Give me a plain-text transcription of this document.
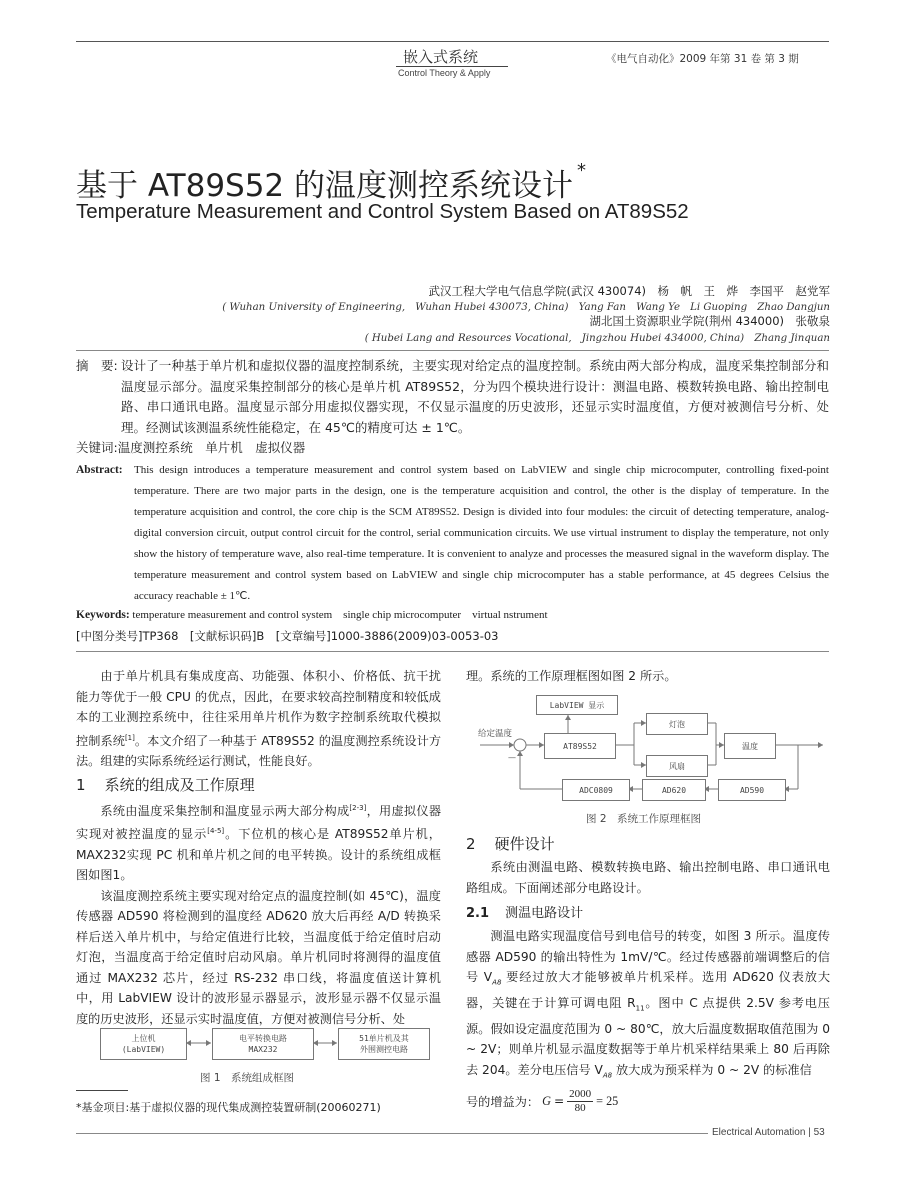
嵌入式系统
Control Theory & Apply
《电气自动化》2009 年第 31 卷 第 3 期
基于 AT89S52 的温度测控系统设计 *
Temperature Measurement and Control System Based on AT89S52
武汉工程大学电气信息学院(武汉 430074)　杨　帆　王　烨　李国平　赵党军
( Wuhan University of Engineering,　Wuhan Hubei 430073, China)　Yang Fan　Wang Ye　Li Guoping　Zhao Dangjun
湖北国土资源职业学院(荆州 434000)　张敬泉
( Hubei Lang and Resources Vocational,　Jingzhou Hubei 434000, China)　Zhang Jinquan
摘　要: 设计了一种基于单片机和虚拟仪器的温度控制系统，主要实现对给定点的温度控制。系统由两大部分构成，温度采集控制部分和温度显示部分。温度采集控制部分的核心是单片机 AT89S52，分为四个模块进行设计：测温电路、模数转换电路、输出控制电路、串口通讯电路。温度显示部分用虚拟仪器实现，不仅显示温度的历史波形，还显示实时温度值，方便对被测信号分析、处理。经测试该测温系统性能稳定，在 45℃的精度可达 ± 1℃。
关键词:温度测控系统　单片机　虚拟仪器
Abstract: This design introduces a temperature measurement and control system based on LabVIEW and single chip microcomputer, controlling fixed-point temperature. There are two major parts in the design, one is the temperature acquisition and control, the other is the display of temperature. In the temperature acquisition and control, the core chip is the SCM AT89S52. Design is divided into four modules: the circuit of detecting temperature, analog-digital conversion circuit, output control circuit for the control, serial communication circuits. We use virtual instrument to display the temperature, not only show the history of temperature wave, also real-time temperature. It is convenient to analyze and processes the measured signal in the waveform display. The temperature measurement and control system based on LabVIEW and single chip microcomputer has a stable performance, at 45 degrees Celsius the accuracy reachable ± 1℃.
Keywords: temperature measurement and control system　single chip microcomputer　virtual nstrument
[中图分类号]TP368　[文献标识码]B　[文章编号]1000-3886(2009)03-0053-03

由于单片机具有集成度高、功能强、体积小、价格低、抗干扰能力等优于一般 CPU 的优点，因此，在要求较高控制精度和较低成本的工业测控系统中，往往采用单片机作为数字控制系统取代模拟控制系统[1]。本文介绍了一种基于 AT89S52 的温度测控系统设计方法。组建的实际系统经运行测试，性能良好。

1 系统的组成及工作原理

系统由温度采集控制和温度显示两大部分构成[2-3]，用虚拟仪器实现对被控温度的显示[4-5]。下位机的核心是 AT89S52单片机，MAX232实现 PC 机和单片机之间的电平转换。设计的系统组成框图如图1。

该温度测控系统主要实现对给定点的温度控制(如 45℃)，温度传感器 AD590 将检测到的温度经 AD620 放大后再经 A/D 转换采样后送入单片机中，与给定值进行比较，当温度低于给定值时启动灯泡，当温度高于给定值时启动风扇。单片机同时将测得的温度值通过 MAX232 芯片，经过 RS-232 串口线，将温度值送计算机中，用 LabVIEW 设计的波形显示器显示，波形显示器不仅显示温度的历史波形，还显示实时温度值，方便对被测信号分析、处

上位机
(LabVIEW)
电平转换电路
MAX232
51单片机及其
外围测控电路
图 1　系统组成框图
*基金项目:基于虚拟仪器的现代集成测控装置研制(20060271)
理。系统的工作原理框图如图 2 所示。
LabVIEW 显示
给定温度
—
AT89S52
灯泡
风扇
温度
ADC0809	AD620	AD590
图 2　系统工作原理框图
2 硬件设计

系统由测温电路、模数转换电路、输出控制电路、串口通讯电路组成。下面阐述部分电路设计。

2.1 测温电路设计

测温电路实现温度信号到电信号的转变，如图 3 所示。温度传感器 AD590 的输出特性为 1mV/℃。经过传感器前端调整后的信号 $V_{A8}$ 要经过放大才能够被单片机采样。选用 AD620 仪表放大器，关键在于计算可调电阻 $R_{11}$。图中 C 点提供 2.5V 参考电压源。假如设定温度范围为 0 ~ 80℃，放大后温度数据取值范围为 0 ~ 2V；则单片机显示温度数据等于单片机采样结果乘上 80 后再除去 204。差分电压信号 $V_{A8}$ 放大成为预采样为 0 ~ 2V 的标准信

号的增益为： $G = \frac{2000}{80} = 25$
Electrical Automation | 53
